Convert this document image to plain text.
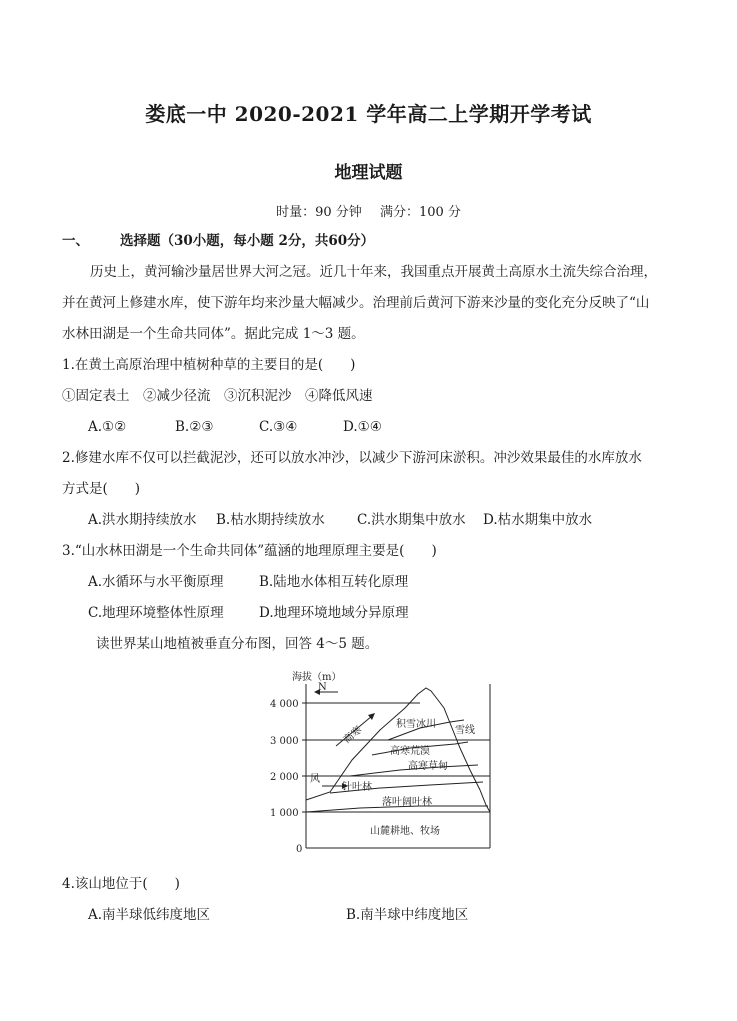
娄底一中 2020-2021 学年高二上学期开学考试
地理试题
时量：90 分钟 满分：100 分
一、 选择题（30小题，每小题 2分，共60分）
历史上，黄河输沙量居世界大河之冠。近几十年来，我国重点开展黄土高原水土流失综合治理，
并在黄河上修建水库，使下游年均来沙量大幅减少。治理前后黄河下游来沙量的变化充分反映了“山
水林田湖是一个生命共同体”。据此完成 1～3 题。
1.在黄土高原治理中植树种草的主要目的是(　　)
①固定表土　②减少径流　③沉积泥沙　④降低风速
A.①②	B.②③	C.③④	D.①④
2.修建水库不仅可以拦截泥沙，还可以放水冲沙，以减少下游河床淤积。冲沙效果最佳的水库放水
方式是(　　)
A.洪水期持续放水 B.枯水期持续放水 C.洪水期集中放水 D.枯水期集中放水
3.“山水林田湖是一个生命共同体”蕴涵的地理原理主要是(　　)
A.水循环与水平衡原理	B.陆地水体相互转化原理
C.地理环境整体性原理	D.地理环境地域分异原理
读世界某山地植被垂直分布图，回答 4～5 题。
海拔（m）
N
4 000
3 000
2 000
1 000
0
风
高寒
积雪冰川
雪线
高寒荒漠
高寒草甸
针叶林
落叶阔叶林
山麓耕地、牧场
4.该山地位于(　　)
A.南半球低纬度地区	B.南半球中纬度地区
